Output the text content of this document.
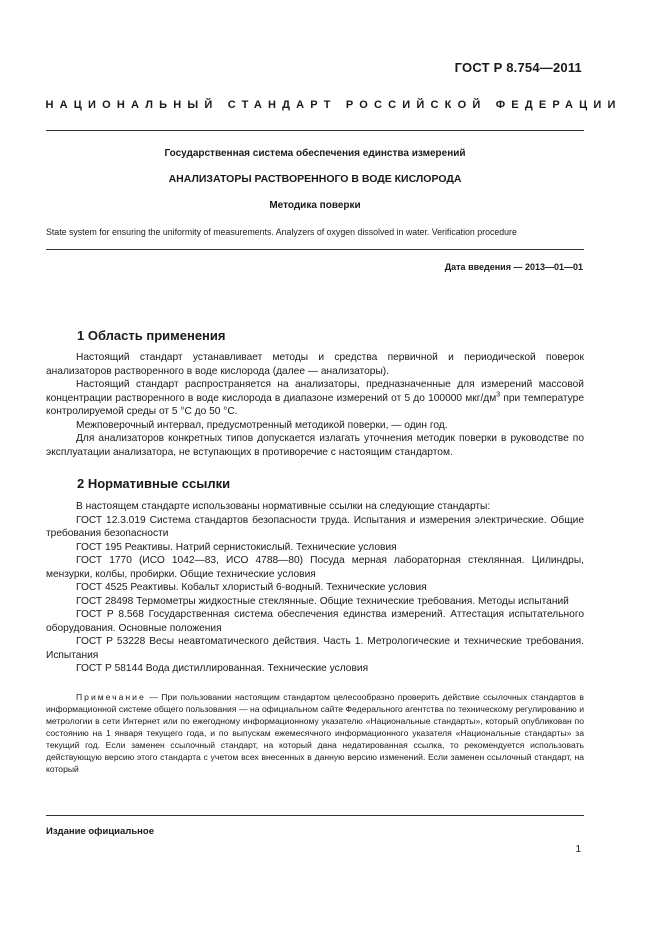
ГОСТ Р 8.754—2011
НАЦИОНАЛЬНЫЙ СТАНДАРТ РОССИЙСКОЙ ФЕДЕРАЦИИ
Государственная система обеспечения единства измерений
АНАЛИЗАТОРЫ РАСТВОРЕННОГО В ВОДЕ КИСЛОРОДА
Методика поверки
State system for ensuring the uniformity of measurements. Analyzers of oxygen dissolved in water. Verification procedure
Дата введения — 2013—01—01
1 Область применения

Настоящий стандарт устанавливает методы и средства первичной и периодической поверок анализаторов растворенного в воде кислорода (далее — анализаторы).

Настоящий стандарт распространяется на анализаторы, предназначенные для измерений массовой концентрации растворенного в воде кислорода в диапазоне измерений от 5 до 100000 мкг/$дм^3$ при температуре контролируемой среды от 5 °С до 50 °С.

Межповерочный интервал, предусмотренный методикой поверки, — один год.

Для анализаторов конкретных типов допускается излагать уточнения методик поверки в руководстве по эксплуатации анализатора, не вступающих в противоречие с настоящим стандартом.

2 Нормативные ссылки

В настоящем стандарте использованы нормативные ссылки на следующие стандарты:

ГОСТ 12.3.019 Система стандартов безопасности труда. Испытания и измерения электрические. Общие требования безопасности

ГОСТ 195 Реактивы. Натрий сернистокислый. Технические условия

ГОСТ 1770 (ИСО 1042—83, ИСО 4788—80) Посуда мерная лабораторная стеклянная. Цилиндры, мензурки, колбы, пробирки. Общие технические условия

ГОСТ 4525 Реактивы. Кобальт хлористый 6-водный. Технические условия

ГОСТ 28498 Термометры жидкостные стеклянные. Общие технические требования. Методы испытаний

ГОСТ Р 8.568 Государственная система обеспечения единства измерений. Аттестация испытательного оборудования. Основные положения

ГОСТ Р 53228 Весы неавтоматического действия. Часть 1. Метрологические и технические требования. Испытания

ГОСТ Р 58144 Вода дистиллированная. Технические условия

Примечание — При пользовании настоящим стандартом целесообразно проверить действие ссылочных стандартов в информационной системе общего пользования — на официальном сайте Федерального агентства по техническому регулированию и метрологии в сети Интернет или по ежегодному информационному указателю «Национальные стандарты», который опубликован по состоянию на 1 января текущего года, и по выпускам ежемесячного информационного указателя «Национальные стандарты» за текущий год. Если заменен ссылочный стандарт, на который дана недатированная ссылка, то рекомендуется использовать действующую версию этого стандарта с учетом всех внесенных в данную версию изменений. Если заменен ссылочный стандарт, на который

Издание официальное
1
